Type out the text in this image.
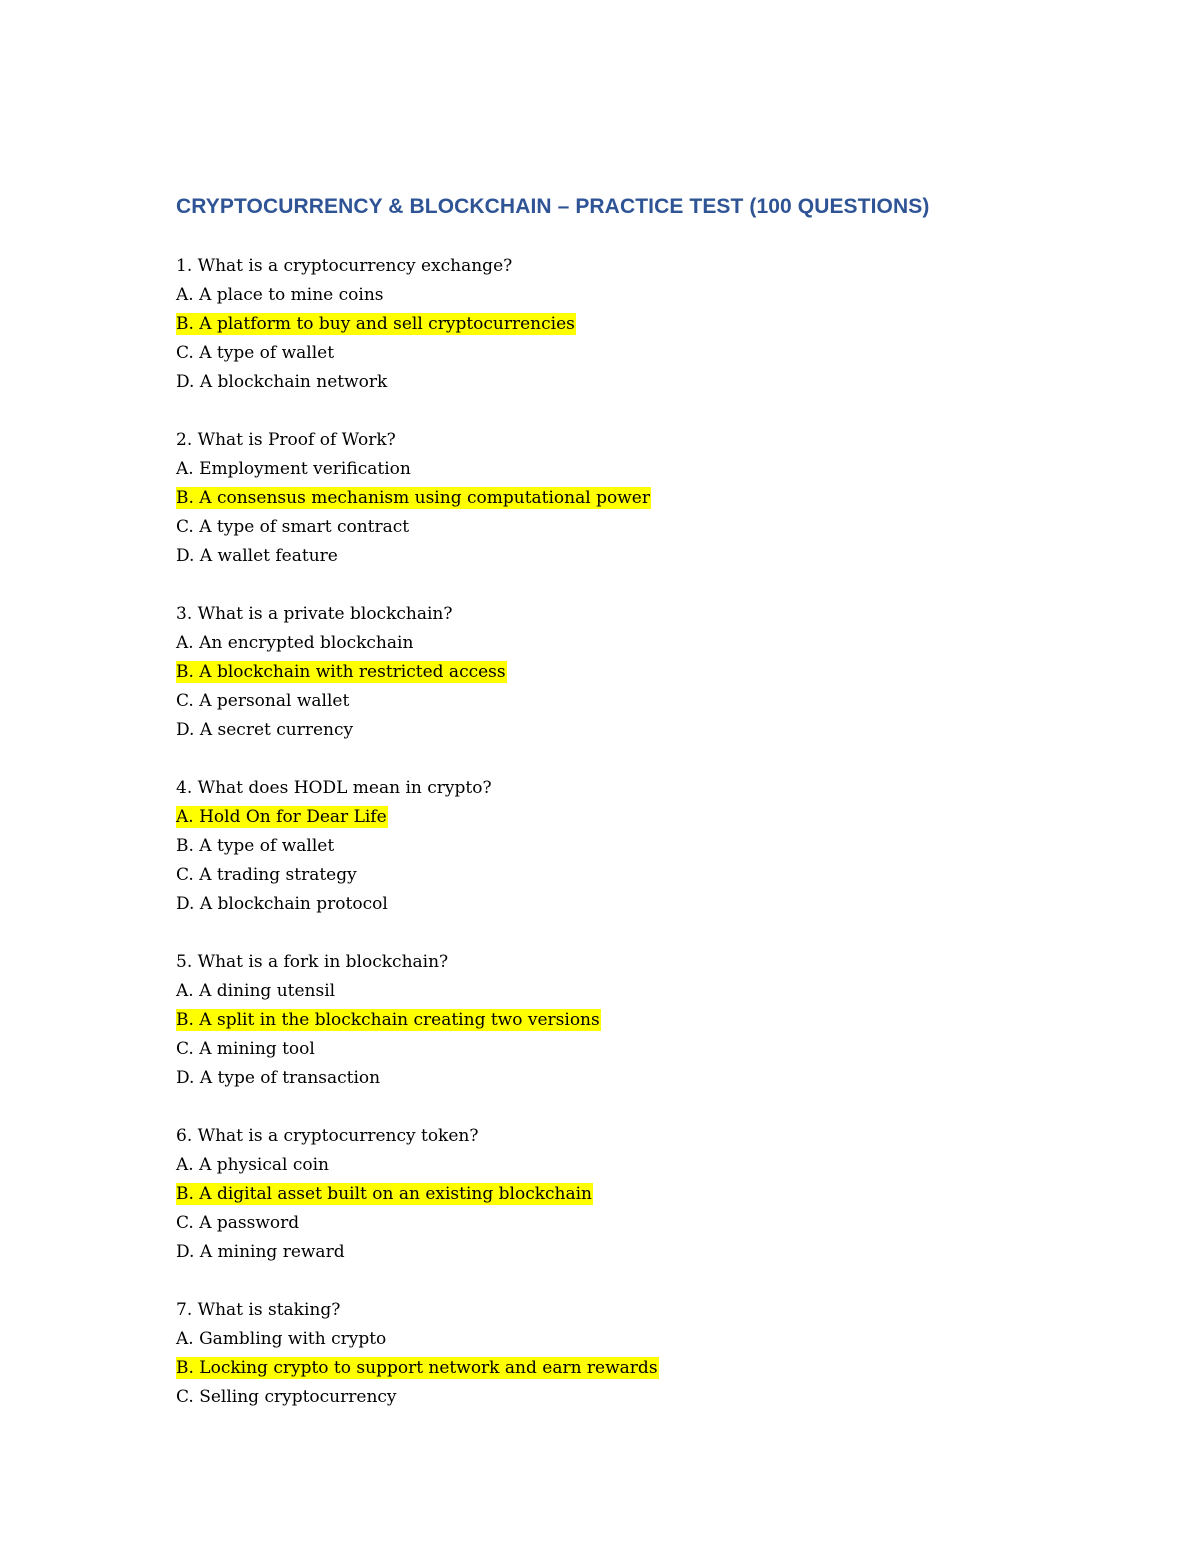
CRYPTOCURRENCY & BLOCKCHAIN – PRACTICE TEST (100 QUESTIONS)
1. What is a cryptocurrency exchange?
A. A place to mine coins
B. A platform to buy and sell cryptocurrencies
C. A type of wallet
D. A blockchain network
2. What is Proof of Work?
A. Employment verification
B. A consensus mechanism using computational power
C. A type of smart contract
D. A wallet feature
3. What is a private blockchain?
A. An encrypted blockchain
B. A blockchain with restricted access
C. A personal wallet
D. A secret currency
4. What does HODL mean in crypto?
A. Hold On for Dear Life
B. A type of wallet
C. A trading strategy
D. A blockchain protocol
5. What is a fork in blockchain?
A. A dining utensil
B. A split in the blockchain creating two versions
C. A mining tool
D. A type of transaction
6. What is a cryptocurrency token?
A. A physical coin
B. A digital asset built on an existing blockchain
C. A password
D. A mining reward
7. What is staking?
A. Gambling with crypto
B. Locking crypto to support network and earn rewards
C. Selling cryptocurrency
